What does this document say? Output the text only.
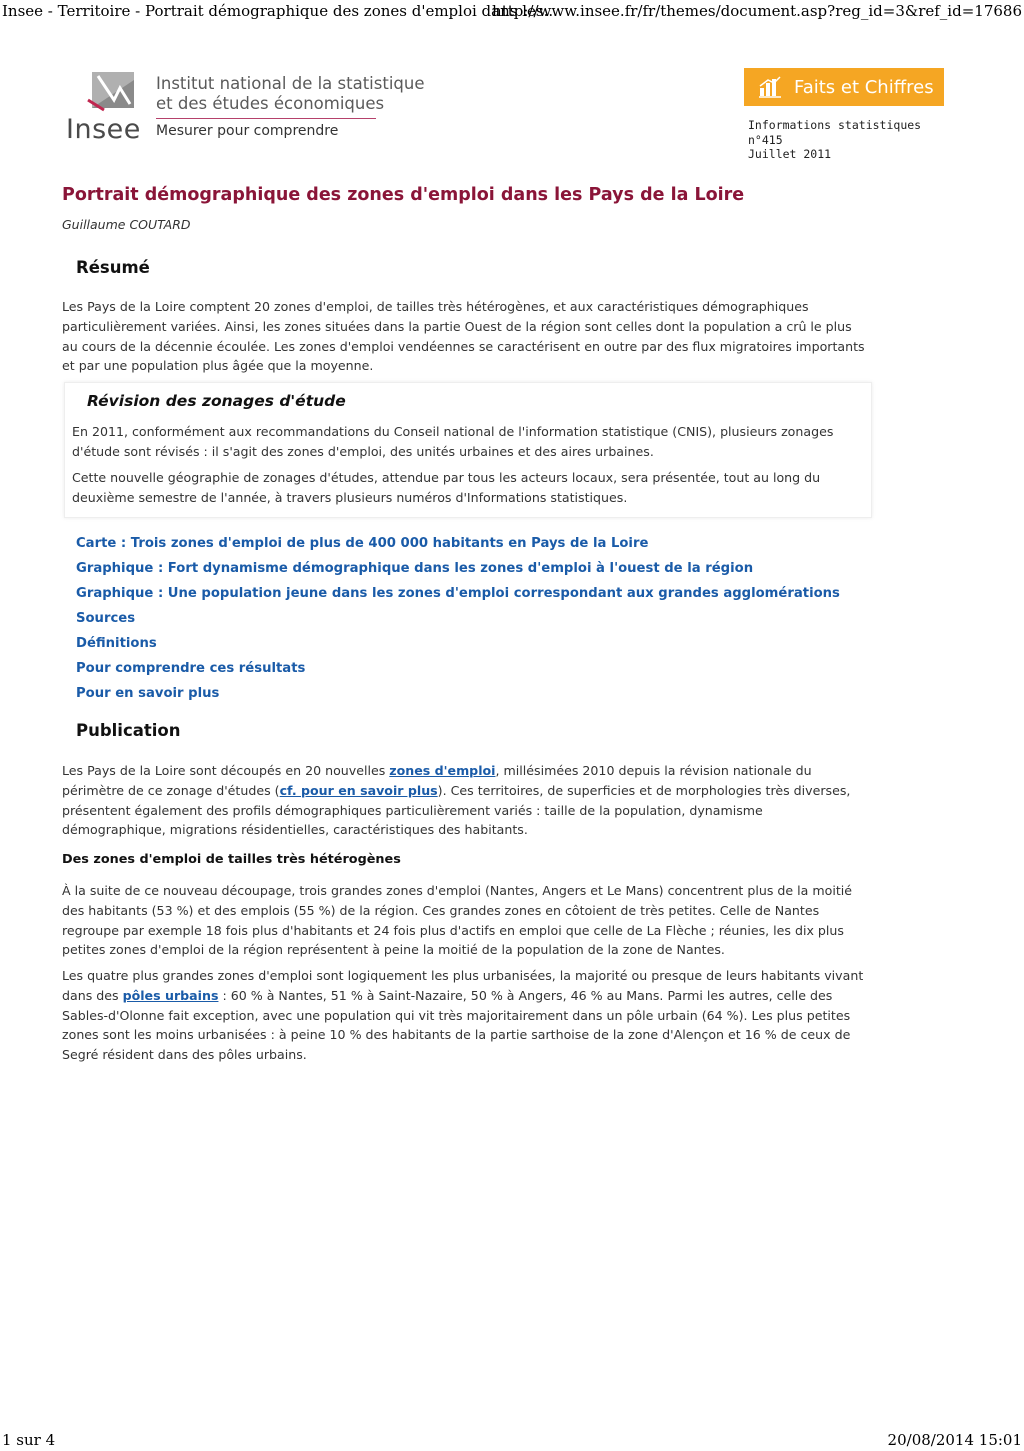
Insee - Territoire - Portrait démographique des zones d'emploi dans les...
http://www.insee.fr/fr/themes/document.asp?reg_id=3&ref_id=17686
Insee
Institut national de la statistique
et des études économiques
Mesurer pour comprendre
Faits et Chiffres
Informations statistiques
n°415
Juillet 2011
Portrait démographique des zones d'emploi dans les Pays de la Loire
Guillaume COUTARD
Résumé
Les Pays de la Loire comptent 20 zones d'emploi, de tailles très hétérogènes, et aux caractéristiques démographiques particulièrement variées. Ainsi, les zones situées dans la partie Ouest de la région sont celles dont la population a crû le plus au cours de la décennie écoulée. Les zones d'emploi vendéennes se caractérisent en outre par des flux migratoires importants et par une population plus âgée que la moyenne.
Révision des zonages d'étude
En 2011, conformément aux recommandations du Conseil national de l'information statistique (CNIS), plusieurs zonages d'étude sont révisés : il s'agit des zones d'emploi, des unités urbaines et des aires urbaines.
Cette nouvelle géographie de zonages d'études, attendue par tous les acteurs locaux, sera présentée, tout au long du deuxième semestre de l'année, à travers plusieurs numéros d'Informations statistiques.
Carte : Trois zones d'emploi de plus de 400 000 habitants en Pays de la Loire
Graphique : Fort dynamisme démographique dans les zones d'emploi à l'ouest de la région
Graphique : Une population jeune dans les zones d'emploi correspondant aux grandes agglomérations
Sources
Définitions
Pour comprendre ces résultats
Pour en savoir plus
Publication
Les Pays de la Loire sont découpés en 20 nouvelles zones d'emploi, millésimées 2010 depuis la révision nationale du périmètre de ce zonage d'études (cf. pour en savoir plus). Ces territoires, de superficies et de morphologies très diverses, présentent également des profils démographiques particulièrement variés : taille de la population, dynamisme démographique, migrations résidentielles, caractéristiques des habitants.
Des zones d'emploi de tailles très hétérogènes
À la suite de ce nouveau découpage, trois grandes zones d'emploi (Nantes, Angers et Le Mans) concentrent plus de la moitié des habitants (53 %) et des emplois (55 %) de la région. Ces grandes zones en côtoient de très petites. Celle de Nantes regroupe par exemple 18 fois plus d'habitants et 24 fois plus d'actifs en emploi que celle de La Flèche ; réunies, les dix plus petites zones d'emploi de la région représentent à peine la moitié de la population de la zone de Nantes.
Les quatre plus grandes zones d'emploi sont logiquement les plus urbanisées, la majorité ou presque de leurs habitants vivant dans des pôles urbains : 60 % à Nantes, 51 % à Saint-Nazaire, 50 % à Angers, 46 % au Mans. Parmi les autres, celle des Sables-d'Olonne fait exception, avec une population qui vit très majoritairement dans un pôle urbain (64 %). Les plus petites zones sont les moins urbanisées : à peine 10 % des habitants de la partie sarthoise de la zone d'Alençon et 16 % de ceux de Segré résident dans des pôles urbains.
1 sur 4	20/08/2014 15:01
